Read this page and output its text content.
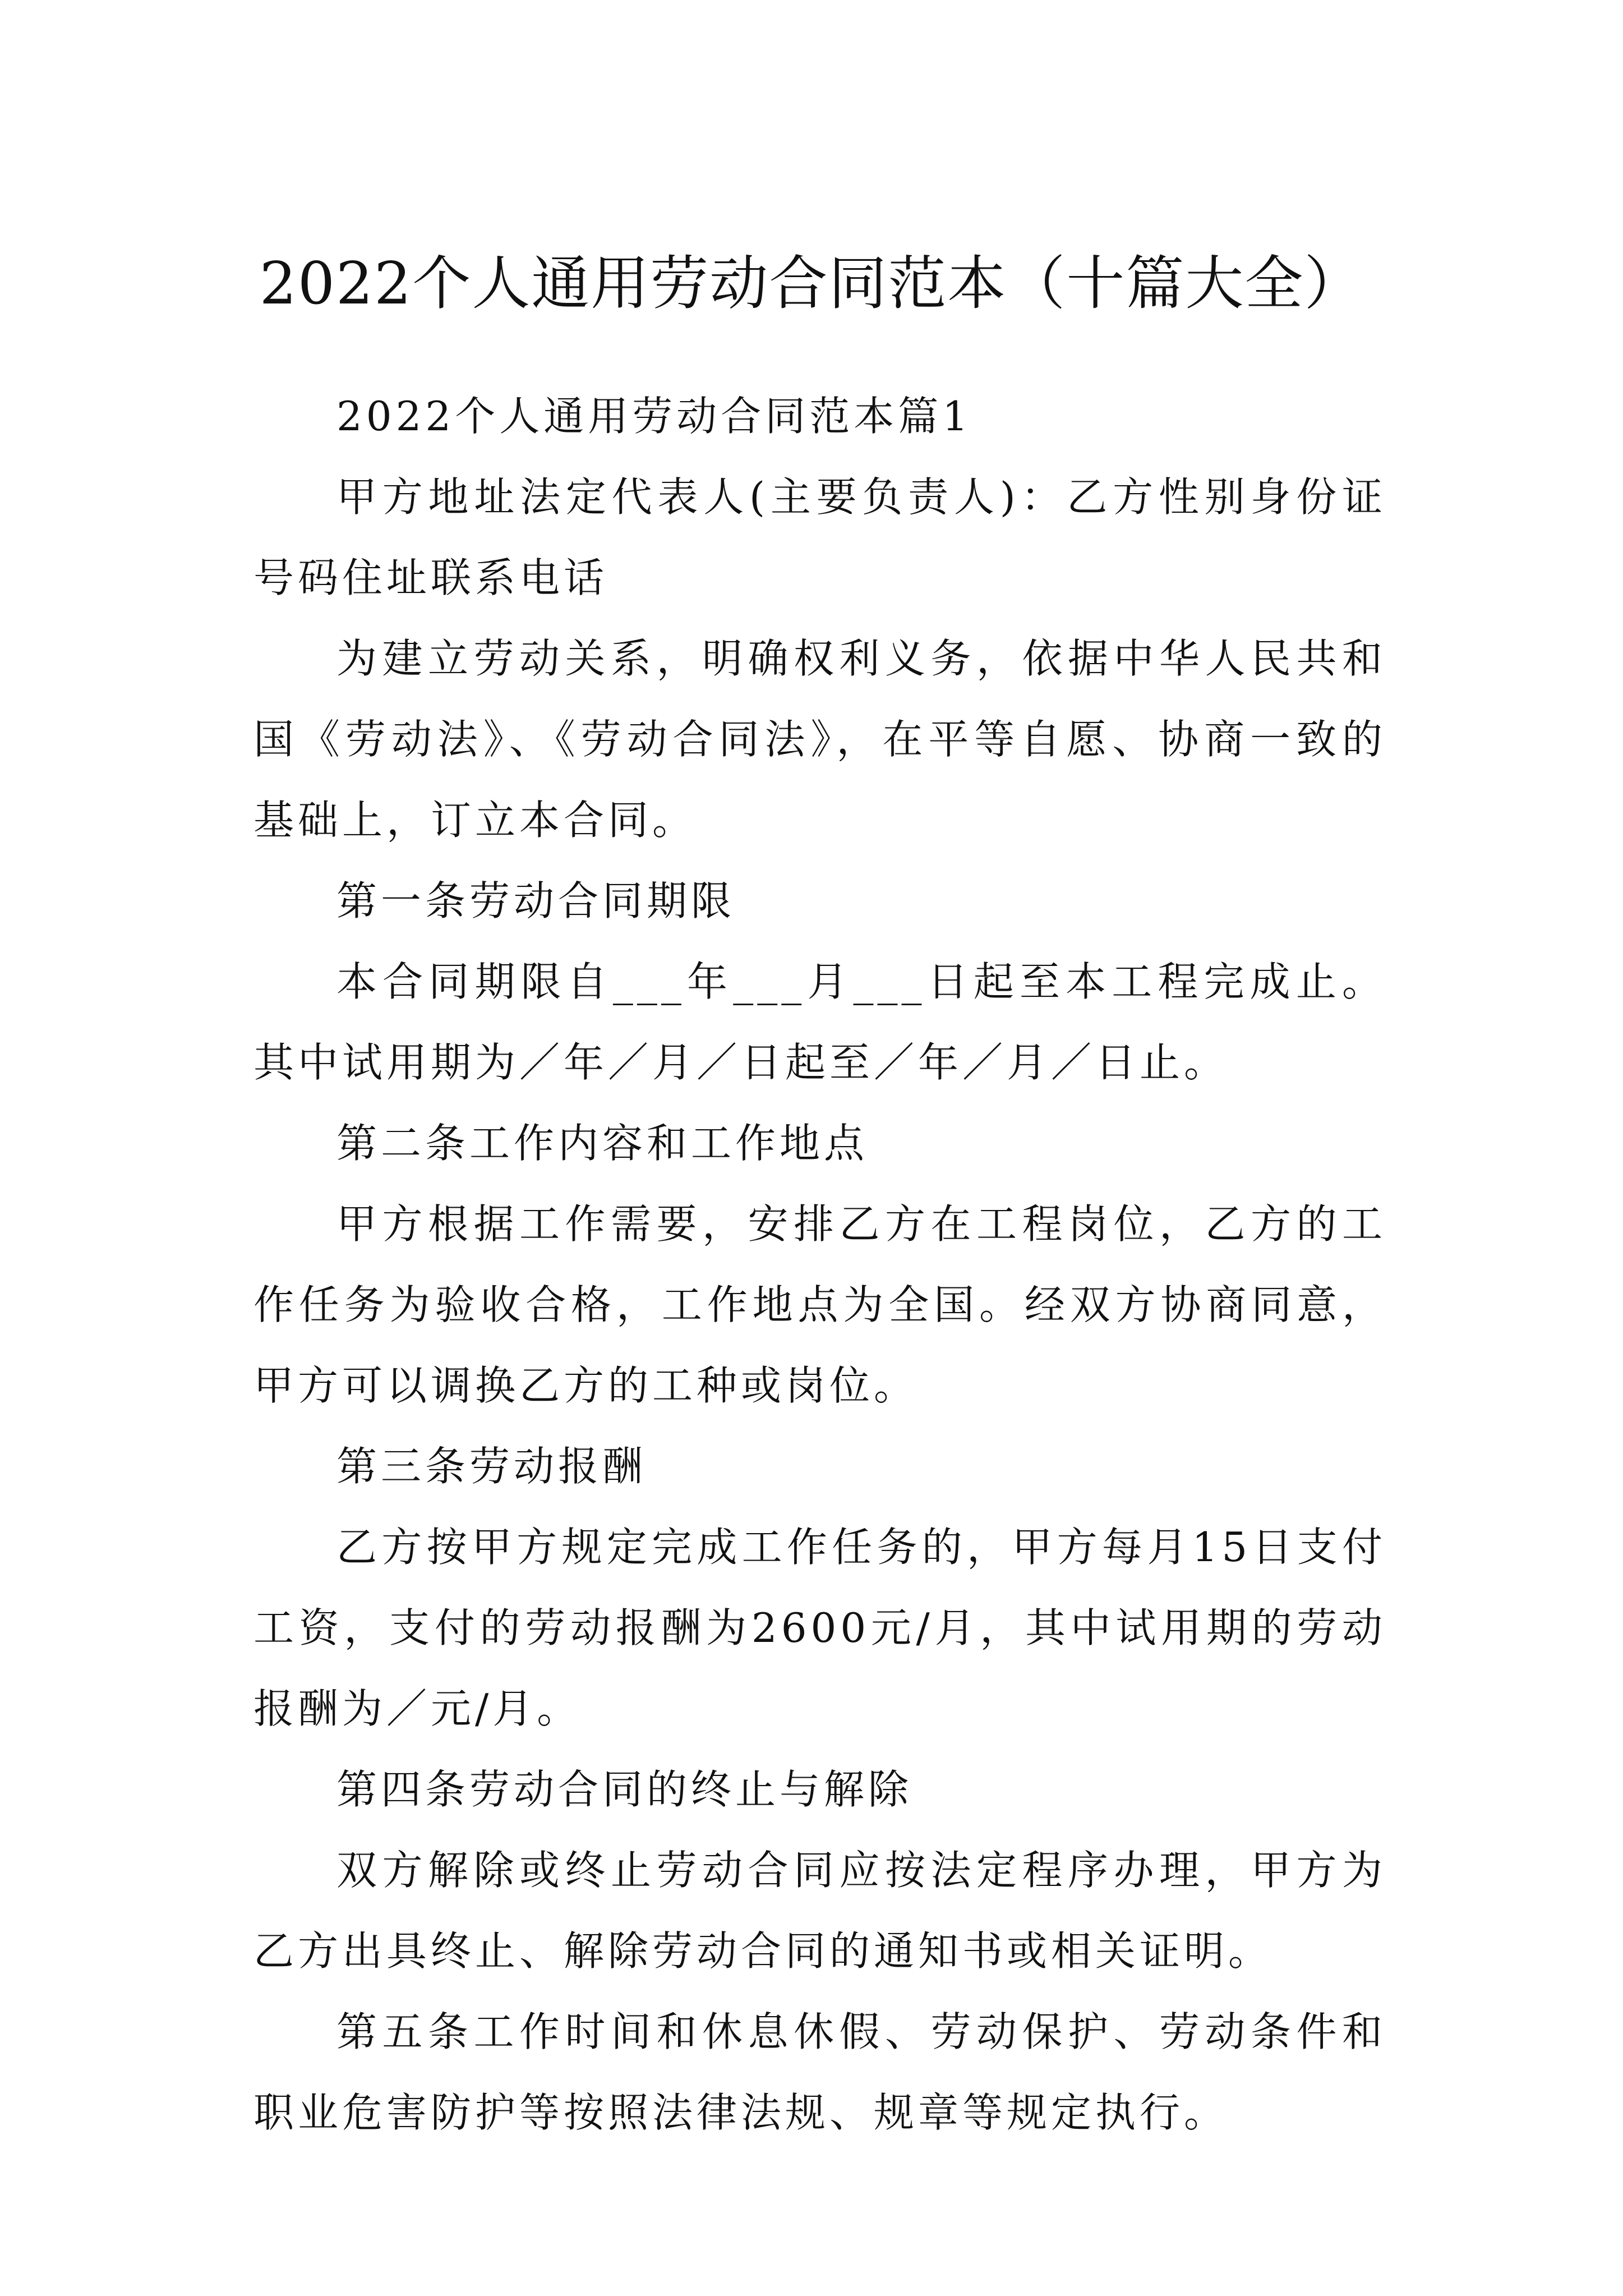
2022个人通用劳动合同范本（十篇大全）

2022个人通用劳动合同范本篇1

甲方地址法定代表人(主要负责人)：乙方性别身份证号码住址联系电话

为建立劳动关系，明确权利义务，依据中华人民共和国《劳动法》、《劳动合同法》，在平等自愿、协商一致的基础上，订立本合同。

第一条劳动合同期限

本合同期限自___年___月___日起至本工程完成止。其中试用期为／年／月／日起至／年／月／日止。

第二条工作内容和工作地点

甲方根据工作需要，安排乙方在工程岗位，乙方的工作任务为验收合格，工作地点为全国。经双方协商同意，甲方可以调换乙方的工种或岗位。

第三条劳动报酬

乙方按甲方规定完成工作任务的，甲方每月15日支付工资，支付的劳动报酬为2600元/月，其中试用期的劳动报酬为／元/月。

第四条劳动合同的终止与解除

双方解除或终止劳动合同应按法定程序办理，甲方为乙方出具终止、解除劳动合同的通知书或相关证明。

第五条工作时间和休息休假、劳动保护、劳动条件和职业危害防护等按照法律法规、规章等规定执行。
